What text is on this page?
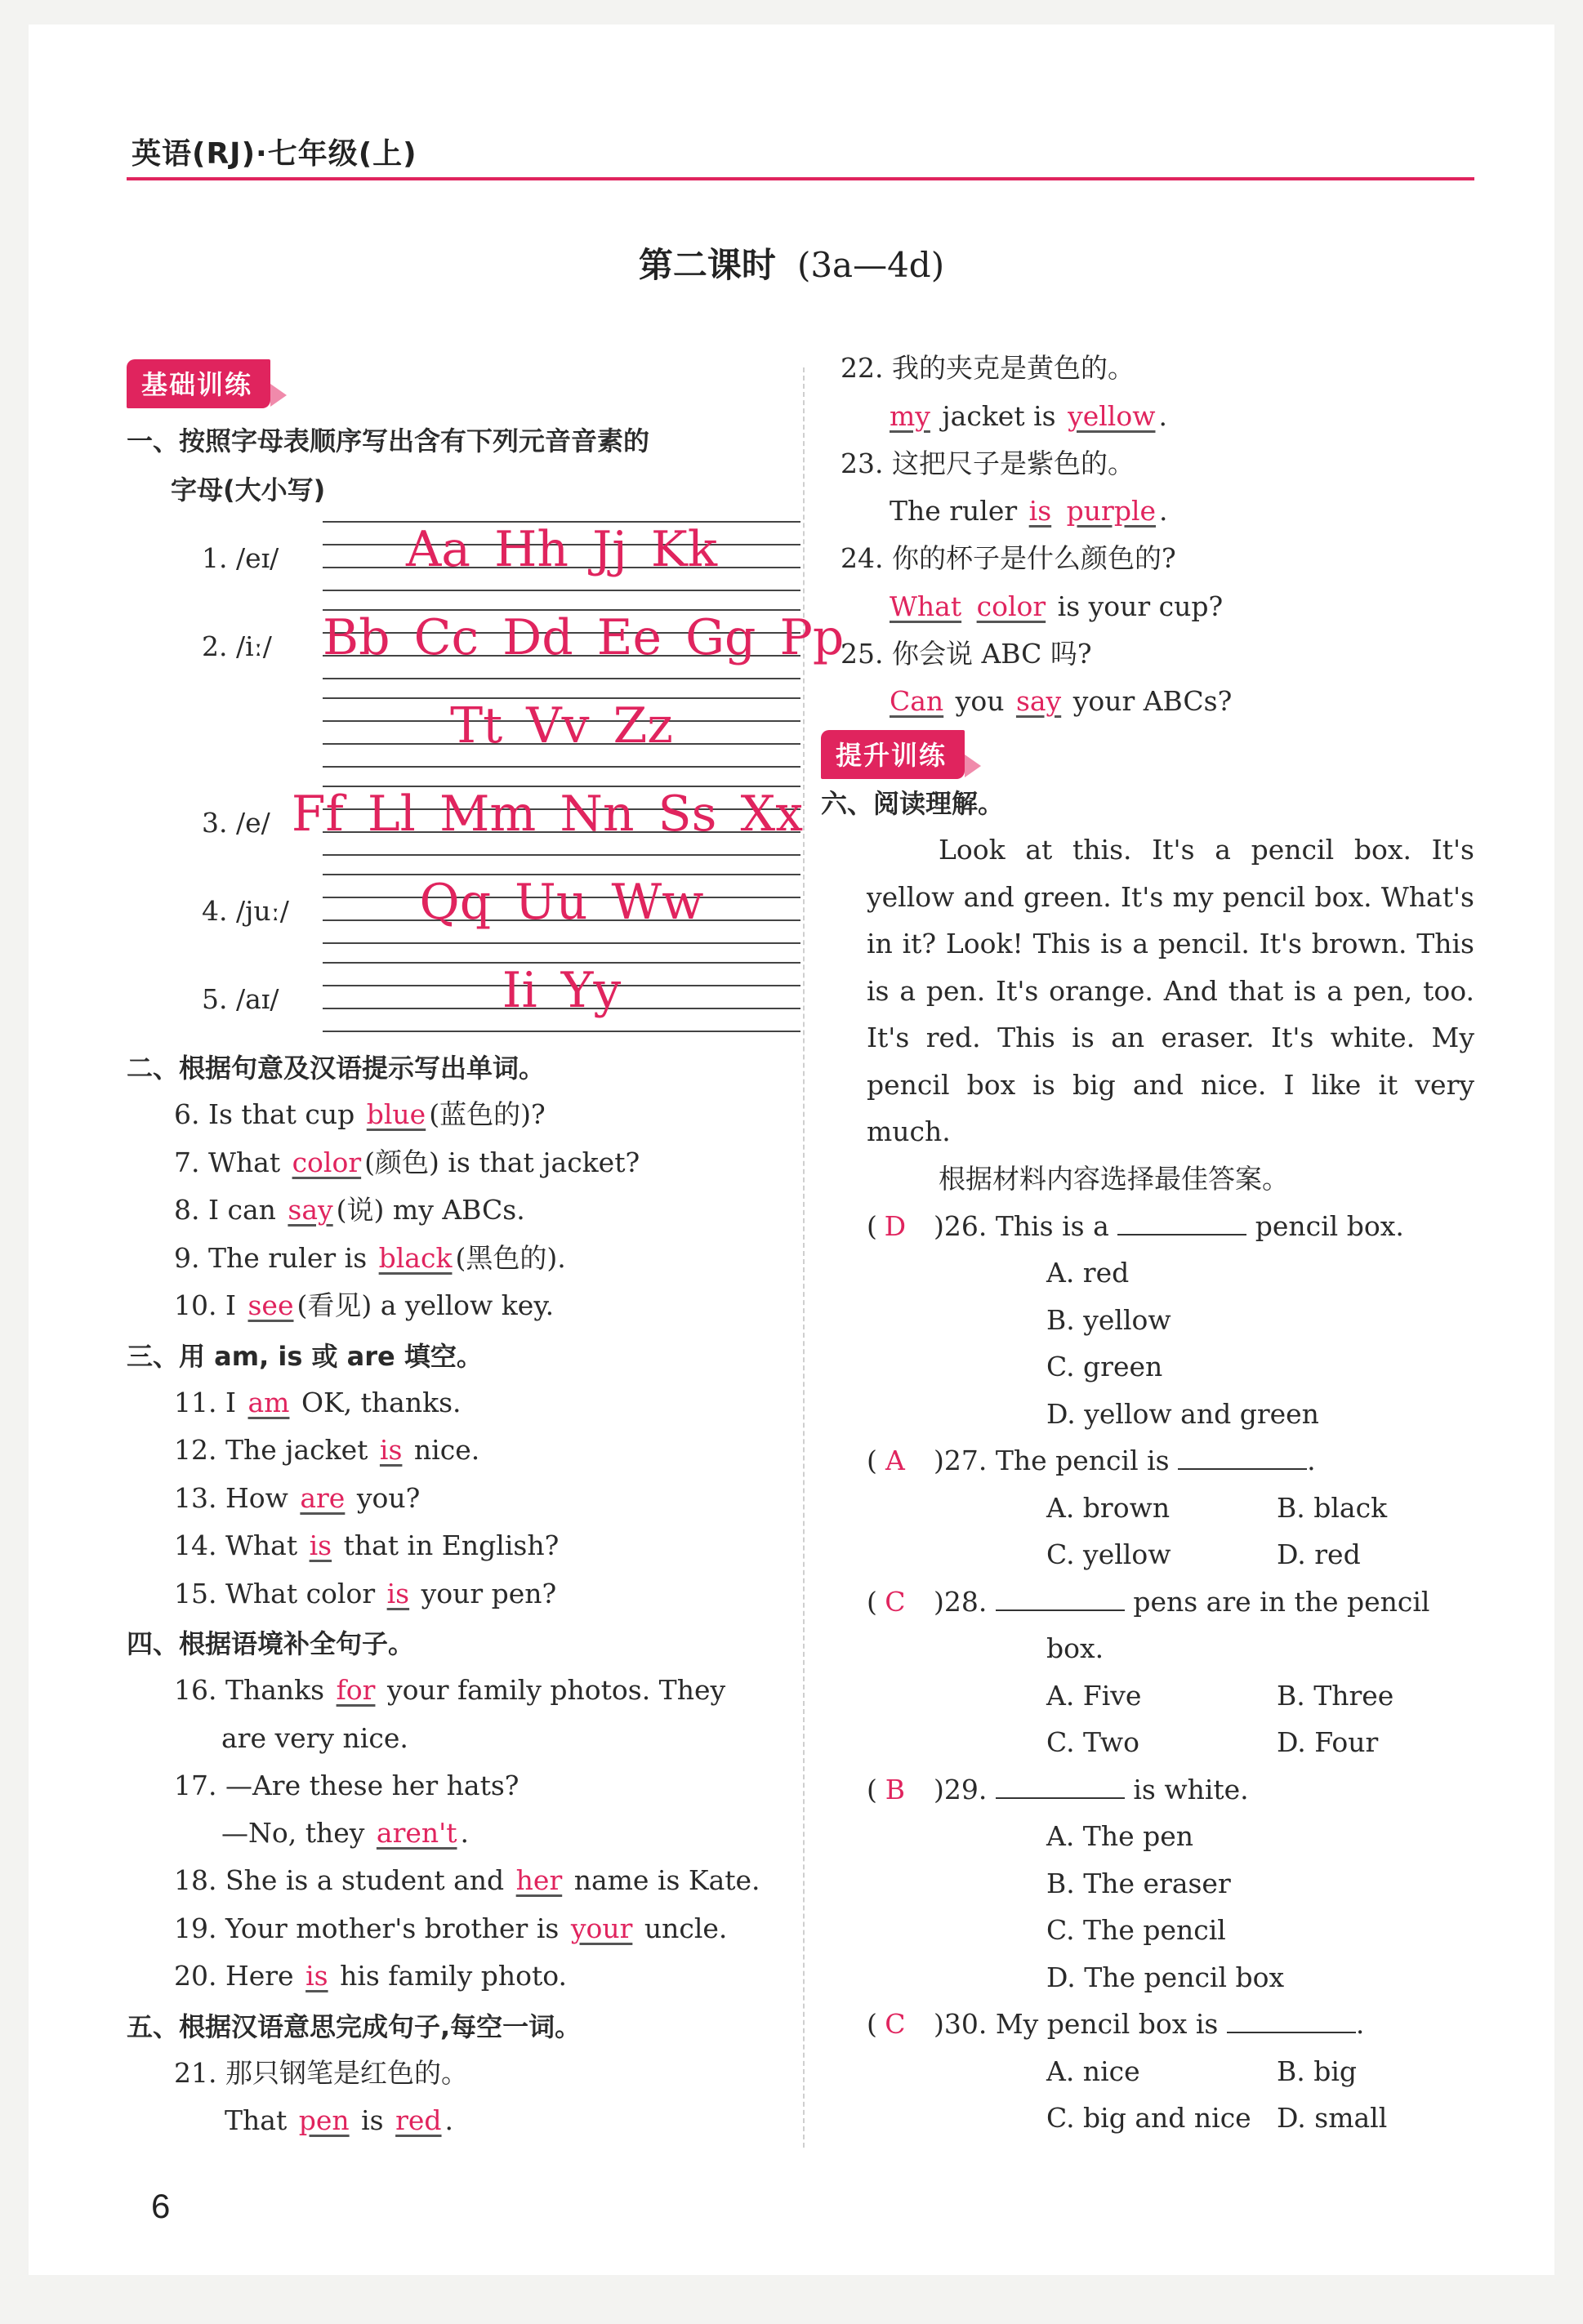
英语(RJ)·七年级(上)
第二课时 (3a—4d)
基础训练
一、按照字母表顺序写出含有下列元音音素的
字母(大小写)
1. /eɪ/	Aa Hh Jj Kk
2. /iː/ Bb Cc Dd Ee Gg Pp
Tt Vv Zz
3. /e/ Ff Ll Mm Nn Ss Xx
4. /juː/	Qq Uu Ww
5. /aɪ/	Ii Yy
二、根据句意及汉语提示写出单词。
6. Is that cup blue (蓝色的)?
7. What color (颜色) is that jacket?
8. I can say (说) my ABCs.
9. The ruler is black (黑色的).
10. I see (看见) a yellow key.
三、用 am, is 或 are 填空。
11. I am OK, thanks.
12. The jacket is nice.
13. How are you?
14. What is that in English?
15. What color is your pen?
四、根据语境补全句子。
16. Thanks for your family photos. They
are very nice.
17. —Are these her hats?
—No, they aren't .
18. She is a student and her name is Kate.
19. Your mother's brother is your uncle.
20. Here is his family photo.
五、根据汉语意思完成句子,每空一词。
21. 那只钢笔是红色的。
That pen is red .
22. 我的夹克是黄色的。
my jacket is yellow .
23. 这把尺子是紫色的。
The ruler is purple .
24. 你的杯子是什么颜色的?
What color is your cup?
25. 你会说 ABC 吗?
Can you say your ABCs?
提升训练
六、阅读理解。
Look at this. It's a pencil box. It's yellow and green. It's my pencil box. What's in it? Look! This is a pencil. It's brown. This is a pen. It's orange. And that is a pen, too. It's red. This is an eraser. It's white. My pencil box is big and nice. I like it very much.
根据材料内容选择最佳答案。
( D )26. This is a	pencil box.
A. red
B. yellow
C. green
D. yellow and green
( A )27. The pencil is	.
A. brown	B. black
C. yellow	D. red
( C )28.	pens are in the pencil
box.
A. Five	B. Three
C. Two	D. Four
( B )29.	is white.
A. The pen
B. The eraser
C. The pencil
D. The pencil box
( C )30. My pencil box is	.
A. nice	B. big
C. big and nice D. small
6
